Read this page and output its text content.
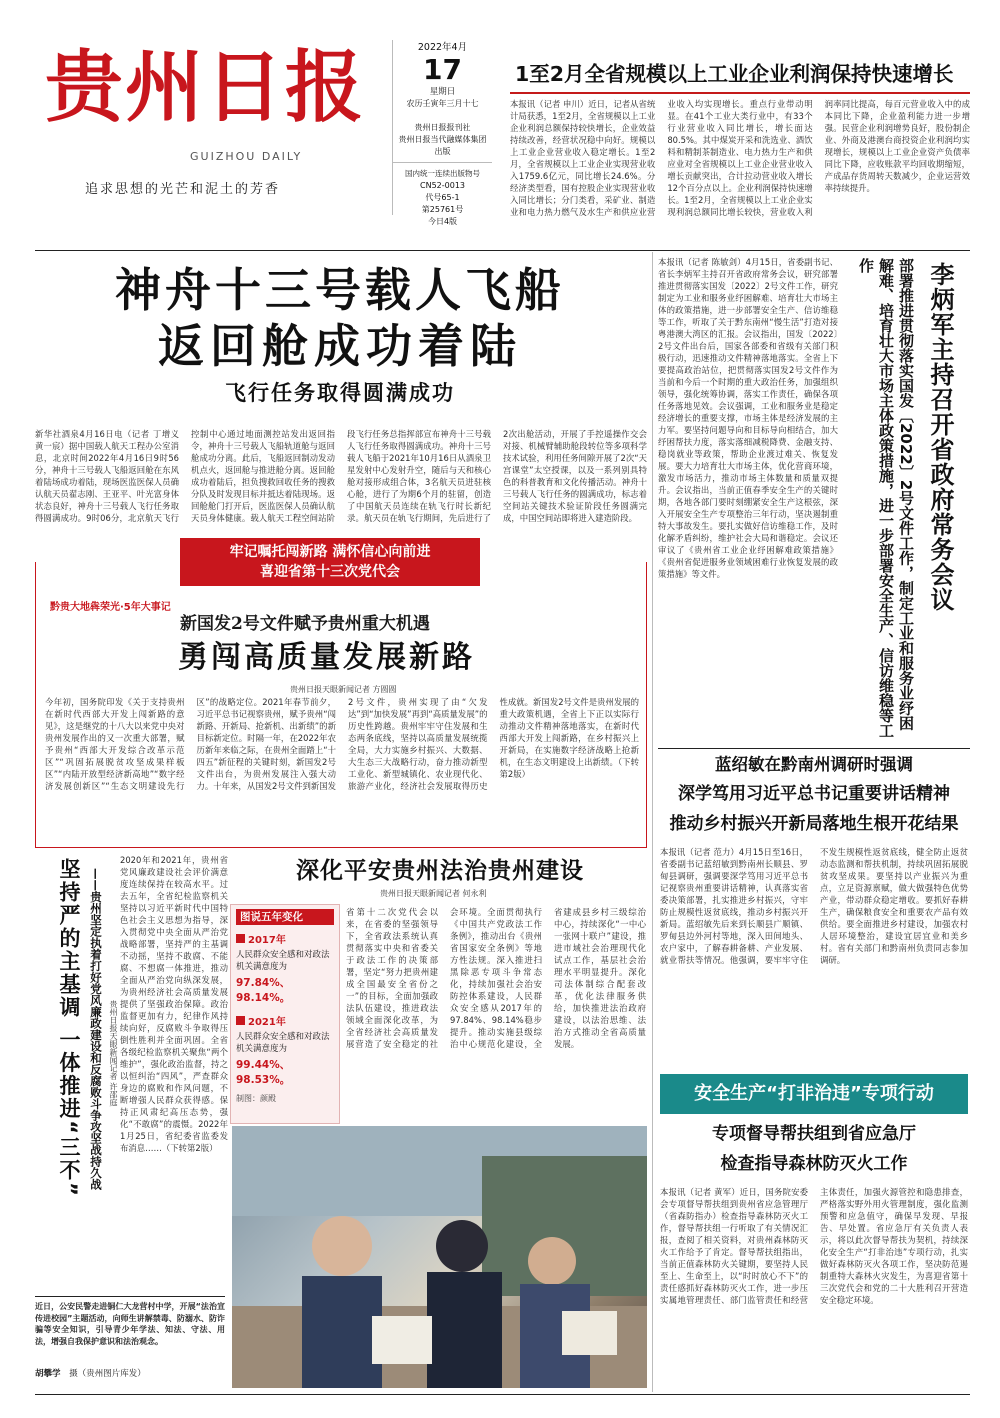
贵州日报
GUIZHOU DAILY
追求思想的光芒和泥土的芳香
2022年4月
17
星期日
农历壬寅年三月十七
贵州日报报刊社
贵州日报当代融媒体集团
出版
国内统一连续出版物号
CN52-0013
代号65-1
第25761号
今日4版
1至2月全省规模以上工业企业利润保持快速增长
本报讯（记者 申川）近日，记者从省统计局获悉，1至2月，全省规模以上工业企业利润总额保持较快增长，企业效益持续改善，经营状况稳中向好。规模以上工业企业营业收入稳定增长。1至2月，全省规模以上工业企业实现营业收入1759.6亿元，同比增长24.6%。分经济类型看，国有控股企业实现营业收入同比增长；分门类看，采矿业、制造业和电力热力燃气及水生产和供应业营业收入均实现增长。重点行业带动明显。在41个工业大类行业中，有33个行业营业收入同比增长，增长面达80.5%。其中煤炭开采和洗选业、酒饮料和精制茶制造业、电力热力生产和供应业对全省规模以上工业企业营业收入增长贡献突出，合计拉动营业收入增长12个百分点以上。企业利润保持快速增长。1至2月，全省规模以上工业企业实现利润总额同比增长较快，营业收入利润率同比提高，每百元营业收入中的成本同比下降，企业盈利能力进一步增强。民营企业利润增势良好，股份制企业、外商及港澳台商投资企业利润均实现增长，规模以上工业企业资产负债率同比下降，应收账款平均回收期缩短，产成品存货周转天数减少，企业运营效率持续提升。
神舟十三号载人飞船
返回舱成功着陆
飞行任务取得圆满成功
新华社酒泉4月16日电（记者 丁增义 黄一宸）据中国载人航天工程办公室消息，北京时间2022年4月16日9时56分，神舟十三号载人飞船返回舱在东风着陆场成功着陆，现场医监医保人员确认航天员翟志刚、王亚平、叶光富身体状态良好，神舟十三号载人飞行任务取得圆满成功。9时06分，北京航天飞行控制中心通过地面测控站发出返回指令，神舟十三号载人飞船轨道舱与返回舱成功分离。此后，飞船返回制动发动机点火，返回舱与推进舱分离。返回舱成功着陆后，担负搜救回收任务的搜救分队及时发现目标并抵达着陆现场。返回舱舱门打开后，医监医保人员确认航天员身体健康。载人航天工程空间站阶段飞行任务总指挥部宣布神舟十三号载人飞行任务取得圆满成功。神舟十三号载人飞船于2021年10月16日从酒泉卫星发射中心发射升空，随后与天和核心舱对接形成组合体，3名航天员进驻核心舱，进行了为期6个月的驻留，创造了中国航天员连续在轨飞行时长新纪录。航天员在轨飞行期间，先后进行了2次出舱活动，开展了手控遥操作交会对接、机械臂辅助舱段转位等多项科学技术试验，利用任务间隙开展了2次“天宫课堂”太空授课，以及一系列别具特色的科普教育和文化传播活动。神舟十三号载人飞行任务的圆满成功，标志着空间站关键技术验证阶段任务圆满完成，中国空间站即将进入建造阶段。
牢记嘱托闯新路 满怀信心向前进
喜迎省第十三次党代会
黔贵大地犇荣光·5年大事记
新国发2号文件赋予贵州重大机遇
勇闯高质量发展新路
贵州日报天眼新闻记者 方圆圆
今年初，国务院印发《关于支持贵州在新时代西部大开发上闯新路的意见》，这是继党的十八大以来党中央对贵州发展作出的又一次重大部署，赋予贵州“西部大开发综合改革示范区”“巩固拓展脱贫攻坚成果样板区”“内陆开放型经济新高地”“数字经济发展创新区”“生态文明建设先行区”的战略定位。2021年春节前夕，习近平总书记视察贵州，赋予贵州“闯新路、开新局、抢新机、出新绩”的新目标新定位。时隔一年，在2022年农历新年来临之际，在贵州全面踏上“十四五”新征程的关键时刻，新国发2号文件出台，为贵州发展注入强大动力。十年来，从国发2号文件到新国发2号文件，贵州实现了由“欠发达”到“加快发展”再到“高质量发展”的历史性跨越。贵州牢牢守住发展和生态两条底线，坚持以高质量发展统揽全局，大力实施乡村振兴、大数据、大生态三大战略行动，奋力推动新型工业化、新型城镇化、农业现代化、旅游产业化，经济社会发展取得历史性成就。新国发2号文件是贵州发展的重大政策机遇，全省上下正以实际行动推动文件精神落地落实，在新时代西部大开发上闯新路，在乡村振兴上开新局，在实施数字经济战略上抢新机，在生态文明建设上出新绩。（下转第2版）
坚持严的主基调 一体推进“三不” ——贵州坚定执着打好党风廉政建设和反腐败斗争攻坚战持久战 贵州日报天眼新闻记者 许邵庭
2020年和2021年，贵州省党风廉政建设社会评价满意度连续保持在较高水平。过去五年，全省纪检监察机关坚持以习近平新时代中国特色社会主义思想为指导，深入贯彻党中央全面从严治党战略部署，坚持严的主基调不动摇，坚持不敢腐、不能腐、不想腐一体推进，推动全面从严治党向纵深发展，为贵州经济社会高质量发展提供了坚强政治保障。政治监督更加有力，纪律作风持续向好，反腐败斗争取得压倒性胜利并全面巩固。全省各级纪检监察机关聚焦“两个维护”，强化政治监督，持之以恒纠治“四风”，严查群众身边的腐败和作风问题，不断增强人民群众获得感。保持正风肃纪高压态势，强化“不敢腐”的震慑。2022年1月25日，省纪委省监委发布消息……（下转第2版）
深化平安贵州法治贵州建设
贵州日报天眼新闻记者 何永利
图说五年变化
2017年
人民群众安全感和对政法机关满意度为
97.84%、98.14%。
2021年
人民群众安全感和对政法机关满意度为
99.44%、98.53%。
制图：颜殿
省第十二次党代会以来，在省委的坚强领导下，全省政法系统认真贯彻落实中央和省委关于政法工作的决策部署，坚定“努力把贵州建成全国最安全省份之一”的目标，全面加强政法队伍建设，推进政法领域全面深化改革，为全省经济社会高质量发展营造了安全稳定的社会环境。全面贯彻执行《中国共产党政法工作条例》，推动出台《贵州省国家安全条例》等地方性法规。深入推进扫黑除恶专项斗争常态化，持续加强社会治安防控体系建设，人民群众安全感从2017年的97.84%、98.14%稳步提升。推动实施县级综治中心规范化建设，全省建成县乡村三级综治中心，持续深化“一中心一张网十联户”建设，推进市域社会治理现代化试点工作，基层社会治理水平明显提升。深化司法体制综合配套改革，优化法律服务供给，加快推进法治政府建设，以法治思维、法治方式推动全省高质量发展。
近日，公安民警走进铜仁大龙营村中学，开展“法治宣传进校园”主题活动，向师生讲解禁毒、防溺水、防诈骗等安全知识，引导青少年学法、知法、守法、用法，增强自我保护意识和法治观念。
胡攀学 摄（贵州图片库发）
本报讯（记者 陈敏剑）4月15日，省委副书记、省长李炳军主持召开省政府常务会议，研究部署推进贯彻落实国发〔2022〕2号文件工作，研究制定为工业和服务业纾困解难、培育壮大市场主体的政策措施，进一步部署安全生产、信访维稳等工作，听取了关于黔东南州“慢生活”打造对接粤港澳大湾区的汇报。会议指出，国发〔2022〕2号文件出台后，国家各部委和省级有关部门积极行动，迅速推动文件精神落地落实。全省上下要提高政治站位，把贯彻落实国发2号文件作为当前和今后一个时期的重大政治任务，加强组织领导，强化统筹协调，落实工作责任，确保各项任务落地见效。会议强调，工业和服务业是稳定经济增长的重要支撑，市场主体是经济发展的主力军。要坚持问题导向和目标导向相结合，加大纾困帮扶力度，落实落细减税降费、金融支持、稳岗就业等政策，帮助企业渡过难关、恢复发展。要大力培育壮大市场主体，优化营商环境，激发市场活力，推动市场主体数量和质量双提升。会议指出，当前正值春季安全生产的关键时期，各地各部门要时刻绷紧安全生产这根弦，深入开展安全生产专项整治三年行动，坚决遏制重特大事故发生。要扎实做好信访维稳工作，及时化解矛盾纠纷，维护社会大局和谐稳定。会议还审议了《贵州省工业企业纾困解难政策措施》《贵州省促进服务业领域困难行业恢复发展的政策措施》等文件。	部署推进贯彻落实国发〔2022〕2号文件工作，制定工业和服务业纾困解难、培育壮大市场主体政策措施，进一步部署安全生产、信访维稳等工作	李炳军主持召开省政府常务会议
蓝绍敏在黔南州调研时强调
深学笃用习近平总书记重要讲话精神
推动乡村振兴开新局落地生根开花结果
本报讯（记者 范力）4月15日至16日，省委副书记蓝绍敏到黔南州长顺县、罗甸县调研，强调要深学笃用习近平总书记视察贵州重要讲话精神，认真落实省委决策部署，扎实推进乡村振兴，守牢防止规模性返贫底线，推动乡村振兴开新局。蓝绍敏先后来到长顺县广顺镇、罗甸县边外河村等地，深入田间地头、农户家中，了解春耕备耕、产业发展、就业帮扶等情况。他强调，要牢牢守住不发生规模性返贫底线，健全防止返贫动态监测和帮扶机制，持续巩固拓展脱贫攻坚成果。要坚持以产业振兴为重点，立足资源禀赋，做大做强特色优势产业，带动群众稳定增收。要抓好春耕生产，确保粮食安全和重要农产品有效供给。要全面推进乡村建设，加强农村人居环境整治，建设宜居宜业和美乡村。省有关部门和黔南州负责同志参加调研。
安全生产“打非治违”专项行动
专项督导帮扶组到省应急厅
检查指导森林防灭火工作
本报讯（记者 黄军）近日，国务院安委会专项督导帮扶组到贵州省应急管理厅（省森防指办）检查指导森林防灭火工作，督导帮扶组一行听取了有关情况汇报，查阅了相关资料，对贵州森林防灭火工作给予了肯定。督导帮扶组指出，当前正值森林防火关键期，要坚持人民至上、生命至上，以“时时放心不下”的责任感抓好森林防灭火工作，进一步压实属地管理责任、部门监管责任和经营主体责任，加强火源管控和隐患排查，严格落实野外用火管理制度，强化监测预警和应急值守，确保早发现、早报告、早处置。省应急厅有关负责人表示，将以此次督导帮扶为契机，持续深化安全生产“打非治违”专项行动，扎实做好森林防灭火各项工作，坚决防范遏制重特大森林火灾发生，为喜迎省第十三次党代会和党的二十大胜利召开营造安全稳定环境。
